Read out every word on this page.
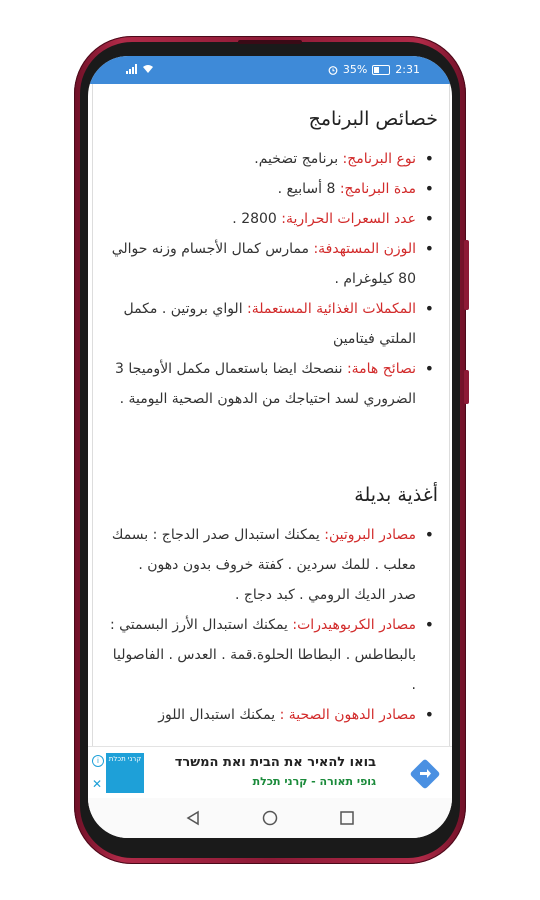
35%	2:31
خصائص البرنامج
• نوع البرنامج: برنامج تضخيم.
• مدة البرنامج: 8 أسابيع .
• عدد السعرات الحرارية: 2800 .
• الوزن المستهدفة: ممارس كمال الأجسام وزنه حوالي 80 كيلوغرام .
• المكملات الغذائية المستعملة: الواي بروتين . مكمل الملتي فيتامين
• نصائح هامة: ننصحك ايضا باستعمال مكمل الأوميجا 3 الضروري لسد احتياجك من الدهون الصحية اليومية .
أغذية بديلة
• مصادر البروتين: يمكنك استبدال صدر الدجاج : بسمك معلب . للمك سردين . كفتة خروف بدون دهون . صدر الديك الرومي . كبد دجاج .
• مصادر الكربوهيدرات: يمكنك استبدال الأرز البسمتي : بالبطاطس . البطاطا الحلوة.قمة . العدس . الفاصوليا .
• مصادر الدهون الصحية : يمكنك استبدال اللوز
בואו להאיר את הבית ואת המשרד
גופי תאורה - קרני תכלת
קרני תכלת
i
✕
